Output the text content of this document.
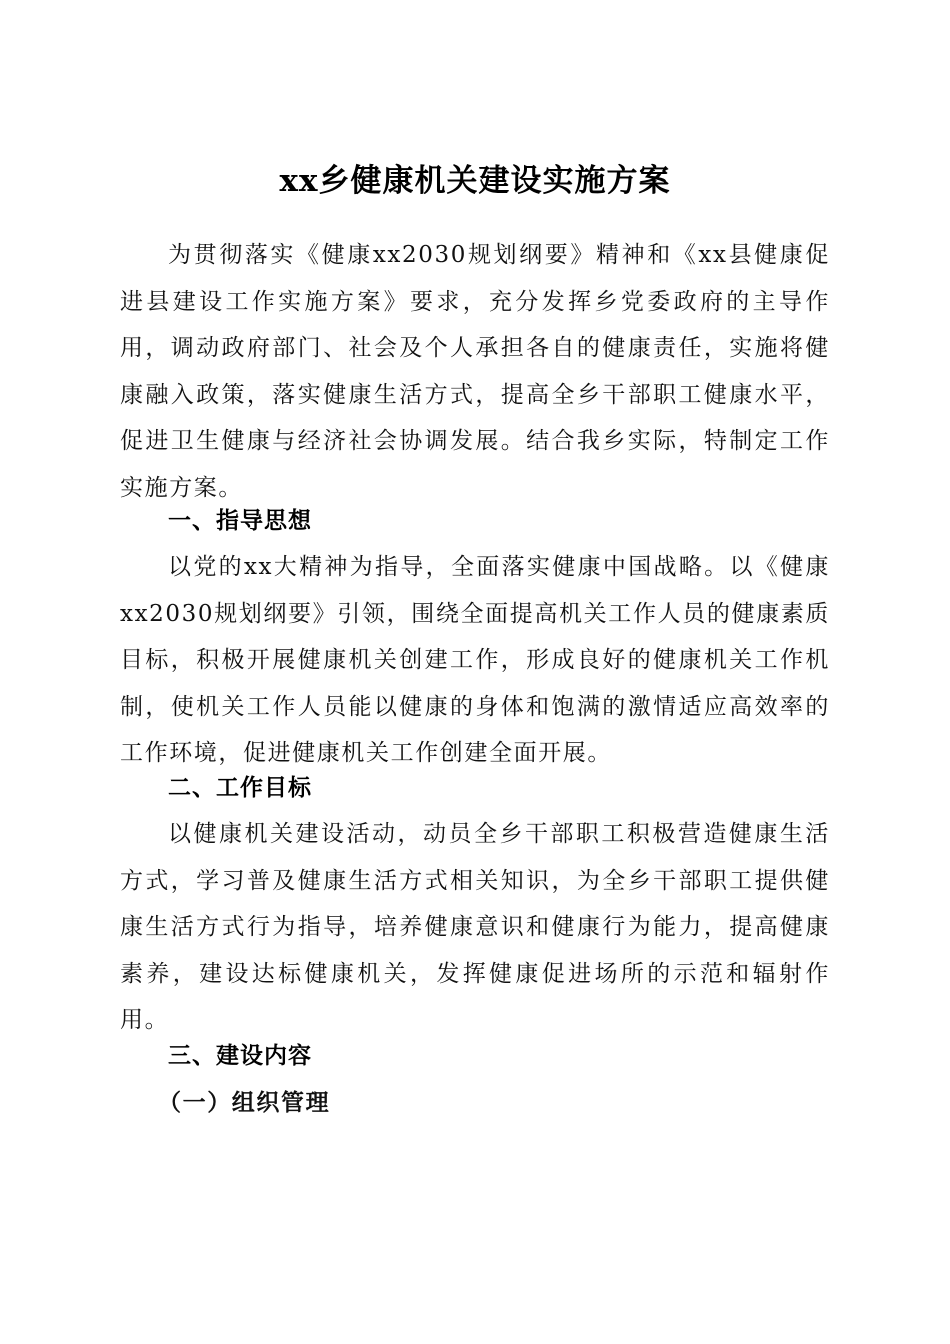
xx乡健康机关建设实施方案

为贯彻落实《健康xx2030规划纲要》精神和《xx县健康促进县建设工作实施方案》要求，充分发挥乡党委政府的主导作用，调动政府部门、社会及个人承担各自的健康责任，实施将健康融入政策，落实健康生活方式，提高全乡干部职工健康水平，促进卫生健康与经济社会协调发展。结合我乡实际，特制定工作实施方案。

一、指导思想

以党的xx大精神为指导，全面落实健康中国战略。以《健康xx2030规划纲要》引领，围绕全面提高机关工作人员的健康素质目标，积极开展健康机关创建工作，形成良好的健康机关工作机制，使机关工作人员能以健康的身体和饱满的激情适应高效率的工作环境，促进健康机关工作创建全面开展。

二、工作目标

以健康机关建设活动，动员全乡干部职工积极营造健康生活方式，学习普及健康生活方式相关知识，为全乡干部职工提供健康生活方式行为指导，培养健康意识和健康行为能力，提高健康素养，建设达标健康机关，发挥健康促进场所的示范和辐射作用。

三、建设内容
（一）组织管理
